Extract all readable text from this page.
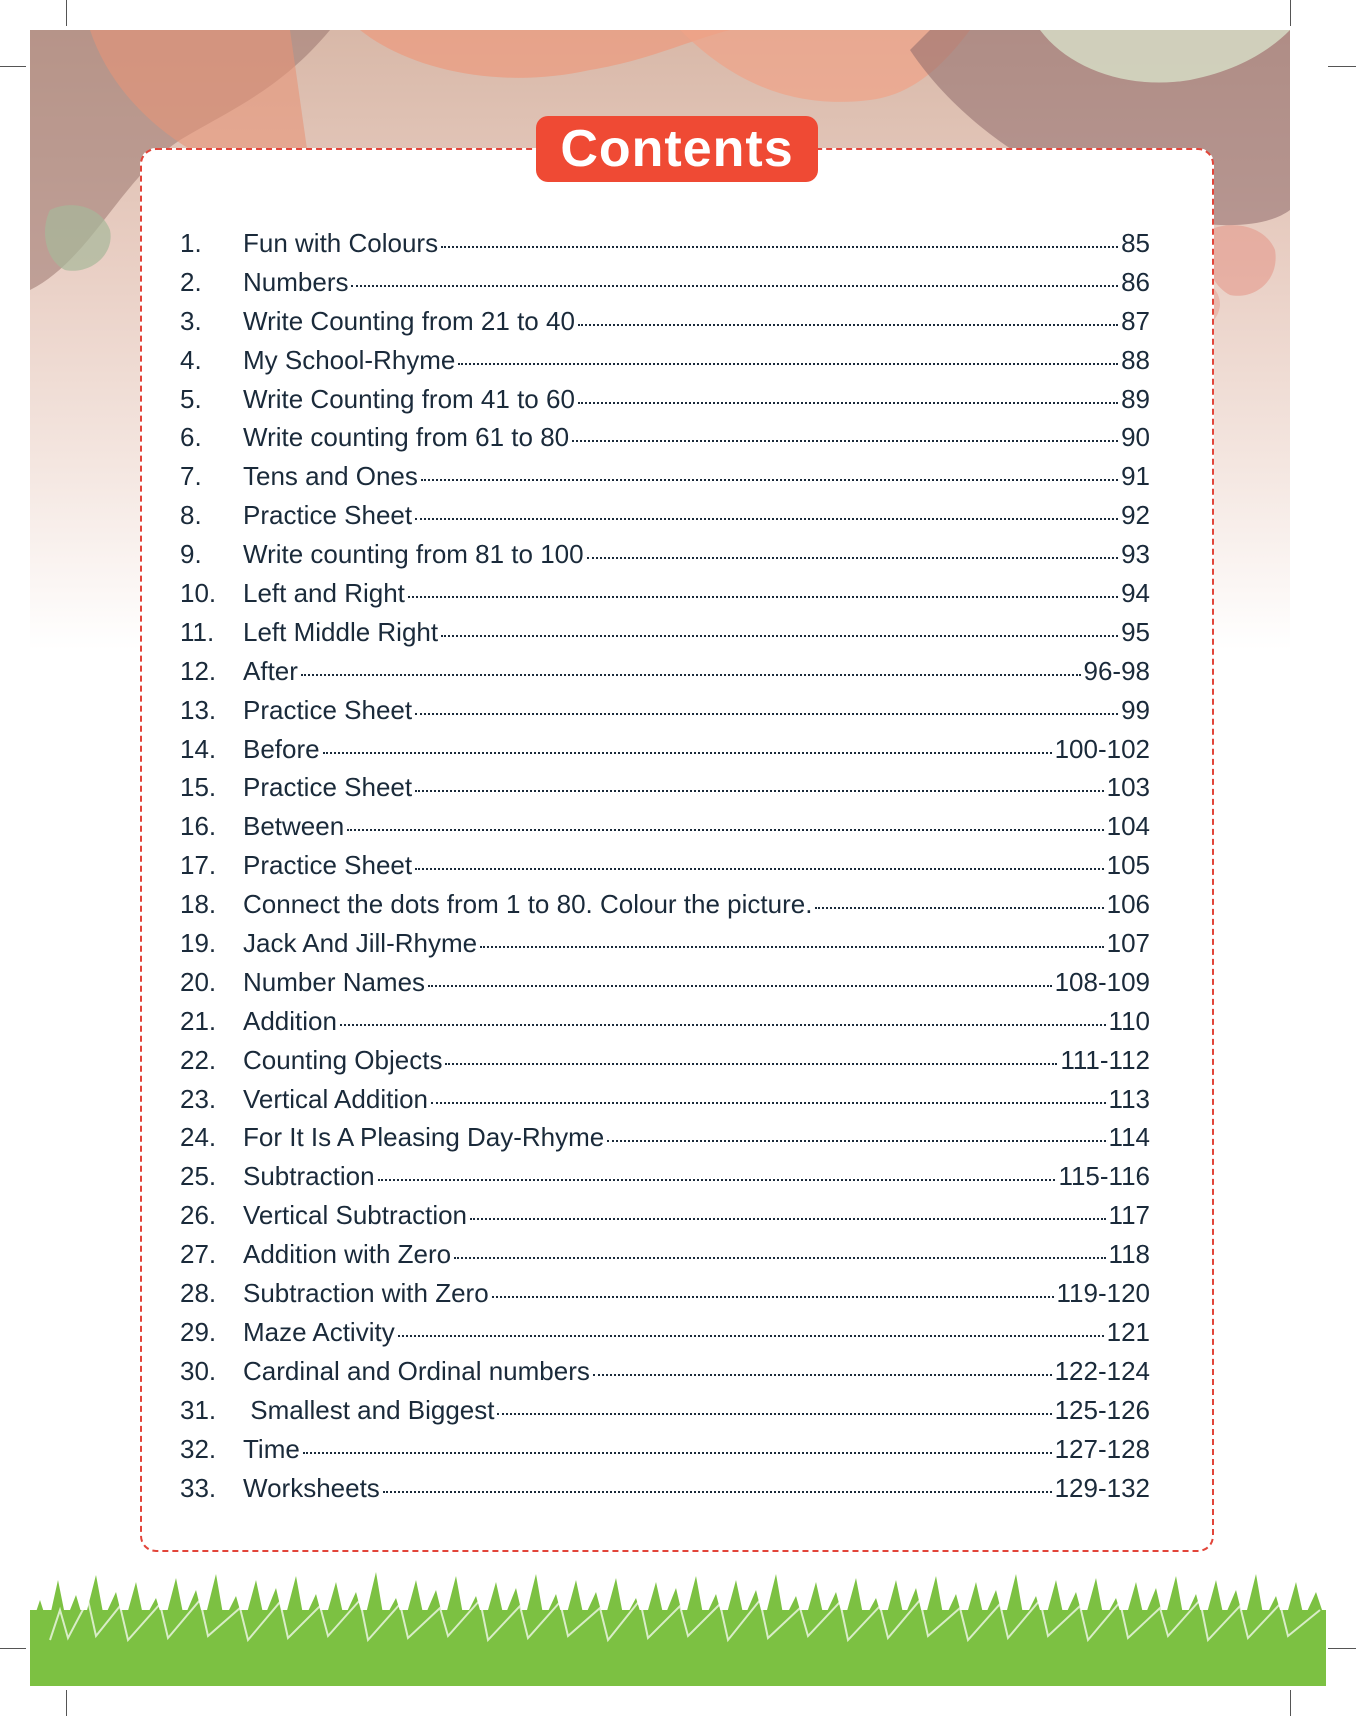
Contents
1.	Fun with Colours	85
2.	Numbers	86
3.	Write Counting from 21 to 40	87
4.	My School-Rhyme	88
5.	Write Counting from 41 to 60	89
6.	Write counting from 61 to 80	90
7.	Tens and Ones	91
8.	Practice Sheet	92
9.	Write counting from 81 to 100	93
10.	Left and Right	94
11.	Left Middle Right	95
12.	After	96-98
13.	Practice Sheet	99
14.	Before	100-102
15.	Practice Sheet	103
16.	Between	104
17.	Practice Sheet	105
18.	Connect the dots from 1 to 80. Colour the picture.	106
19.	Jack And Jill-Rhyme	107
20.	Number Names	108-109
21.	Addition	110
22.	Counting Objects	111-112
23.	Vertical Addition	113
24.	For It Is A Pleasing Day-Rhyme	114
25.	Subtraction	115-116
26.	Vertical Subtraction	117
27.	Addition with Zero	118
28.	Subtraction with Zero	119-120
29.	Maze Activity	121
30.	Cardinal and Ordinal numbers	122-124
31.	Smallest and Biggest	125-126
32.	Time	127-128
33.	Worksheets	129-132
